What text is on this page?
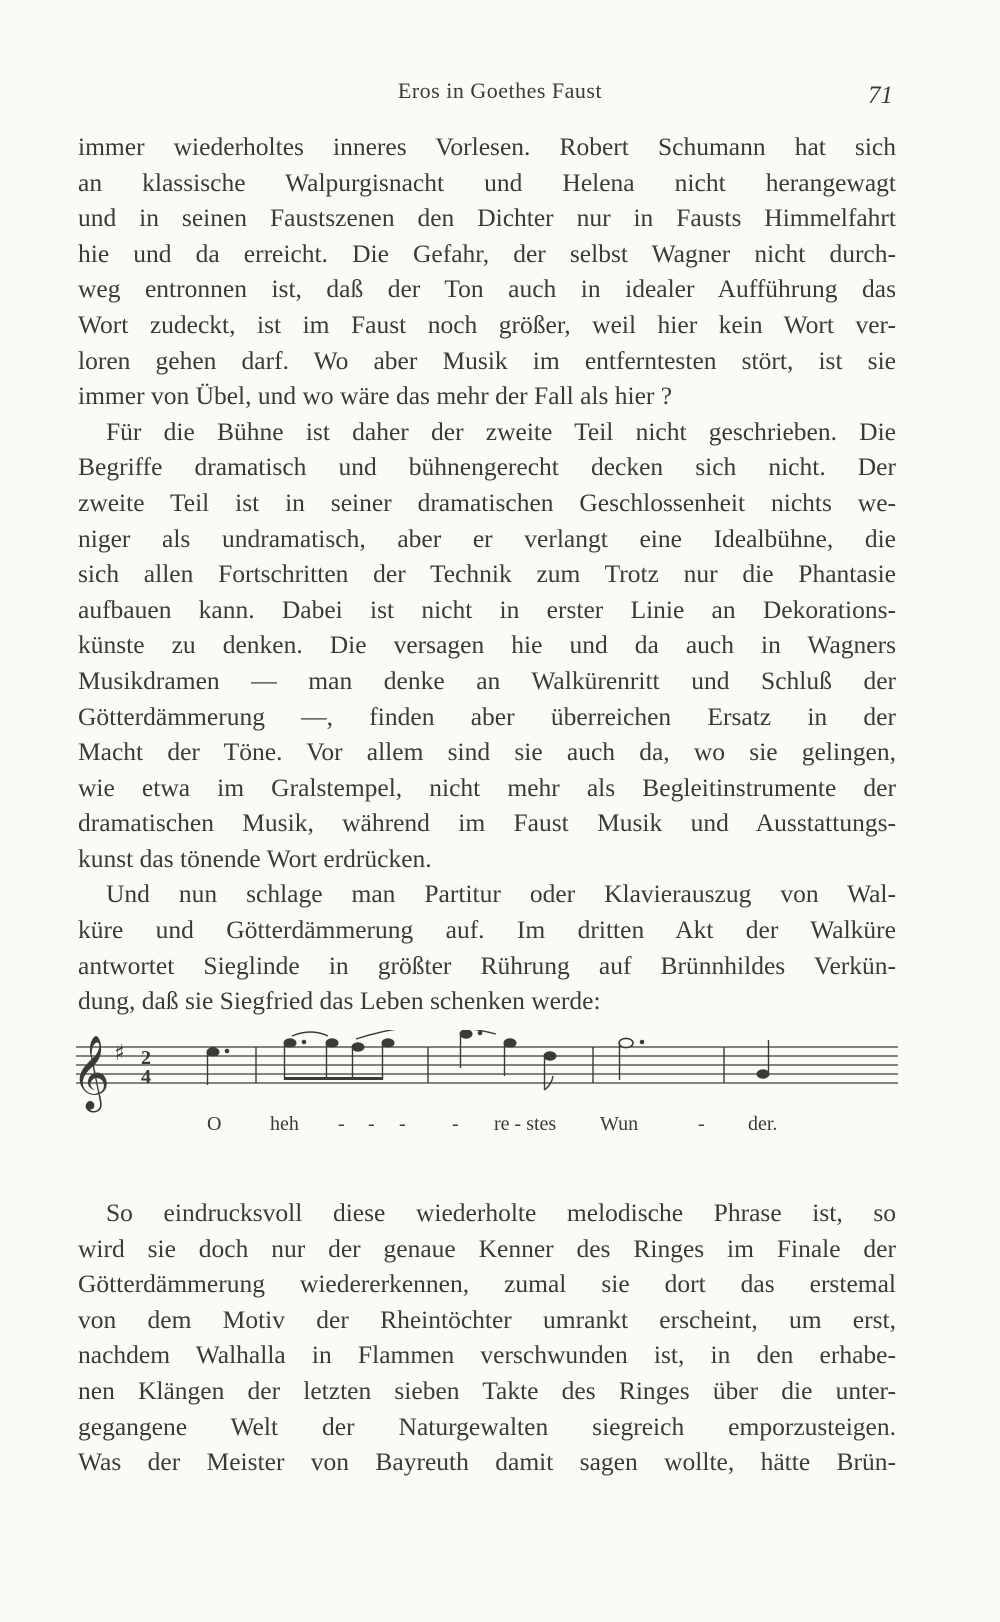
Eros in Goethes Faust	71
immer wiederholtes inneres Vorlesen. Robert Schumann hat sich
an klassische Walpurgisnacht und Helena nicht herangewagt
und in seinen Faustszenen den Dichter nur in Fausts Himmelfahrt
hie und da erreicht. Die Gefahr, der selbst Wagner nicht durch-
weg entronnen ist, daß der Ton auch in idealer Aufführung das
Wort zudeckt, ist im Faust noch größer, weil hier kein Wort ver-
loren gehen darf. Wo aber Musik im entferntesten stört, ist sie
immer von Übel, und wo wäre das mehr der Fall als hier ?
Für die Bühne ist daher der zweite Teil nicht geschrieben. Die
Begriffe dramatisch und bühnengerecht decken sich nicht. Der
zweite Teil ist in seiner dramatischen Geschlossenheit nichts we-
niger als undramatisch, aber er verlangt eine Idealbühne, die
sich allen Fortschritten der Technik zum Trotz nur die Phantasie
aufbauen kann. Dabei ist nicht in erster Linie an Dekorations-
künste zu denken. Die versagen hie und da auch in Wagners
Musikdramen — man denke an Walkürenritt und Schluß der
Götterdämmerung —, finden aber überreichen Ersatz in der
Macht der Töne. Vor allem sind sie auch da, wo sie gelingen,
wie etwa im Gralstempel, nicht mehr als Begleitinstrumente der
dramatischen Musik, während im Faust Musik und Ausstattungs-
kunst das tönende Wort erdrücken.
Und nun schlage man Partitur oder Klavierauszug von Wal-
küre und Götterdämmerung auf. Im dritten Akt der Walküre
antwortet Sieglinde in größter Rührung auf Brünnhildes Verkün-
dung, daß sie Siegfried das Leben schenken werde:
𝄞 ♯ 2
4
O heh - - - - re - stes Wun	- der.
So eindrucksvoll diese wiederholte melodische Phrase ist, so
wird sie doch nur der genaue Kenner des Ringes im Finale der
Götterdämmerung wiedererkennen, zumal sie dort das erstemal
von dem Motiv der Rheintöchter umrankt erscheint, um erst,
nachdem Walhalla in Flammen verschwunden ist, in den erhabe-
nen Klängen der letzten sieben Takte des Ringes über die unter-
gegangene Welt der Naturgewalten siegreich emporzusteigen.
Was der Meister von Bayreuth damit sagen wollte, hätte Brün-
